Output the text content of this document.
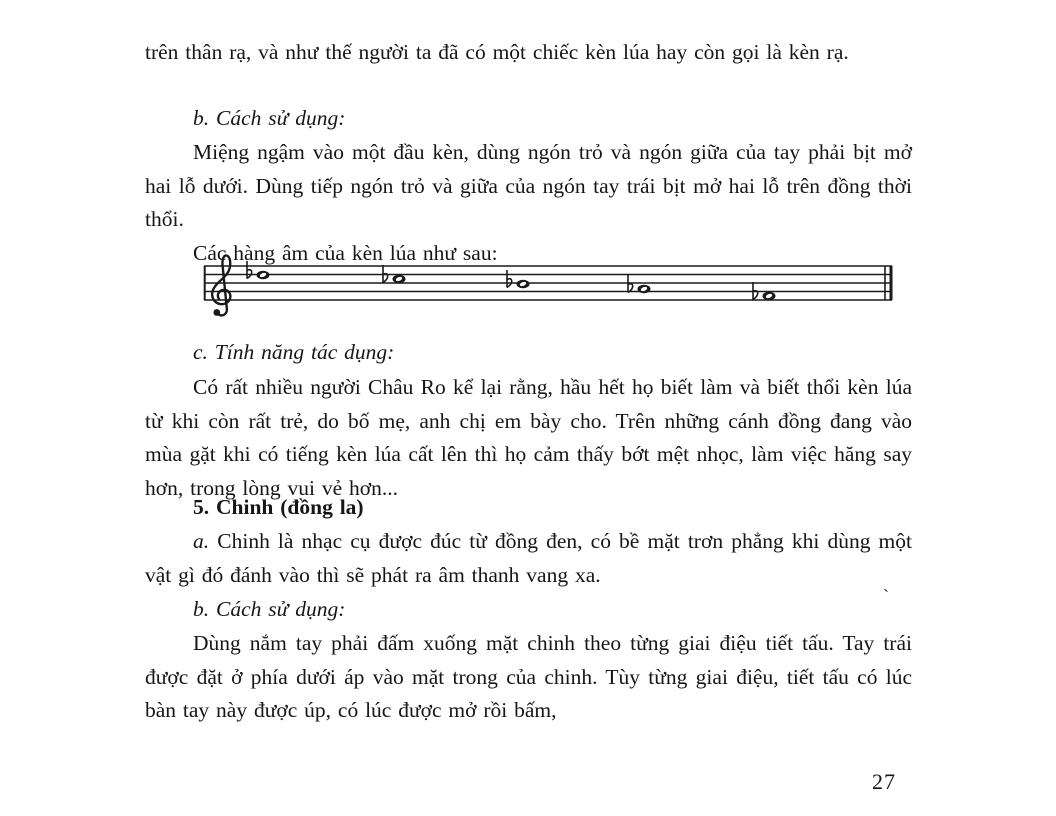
trên thân rạ, và như thế người ta đã có một chiếc kèn lúa hay còn gọi là kèn rạ.

b. Cách sử dụng:

Miệng ngậm vào một đầu kèn, dùng ngón trỏ và ngón giữa của tay phải bịt mở hai lỗ dưới. Dùng tiếp ngón trỏ và giữa của ngón tay trái bịt mở hai lỗ trên đồng thời thổi.

Các hàng âm của kèn lúa như sau:

c. Tính năng tác dụng:

Có rất nhiều người Châu Ro kể lại rằng, hầu hết họ biết làm và biết thổi kèn lúa từ khi còn rất trẻ, do bố mẹ, anh chị em bày cho. Trên những cánh đồng đang vào mùa gặt khi có tiếng kèn lúa cất lên thì họ cảm thấy bớt mệt nhọc, làm việc hăng say hơn, trong lòng vui vẻ hơn...

5. Chinh (đồng la)

a. Chinh là nhạc cụ được đúc từ đồng đen, có bề mặt trơn phẳng khi dùng một vật gì đó đánh vào thì sẽ phát ra âm thanh vang xa.

b. Cách sử dụng:

Dùng nắm tay phải đấm xuống mặt chinh theo từng giai điệu tiết tấu. Tay trái được đặt ở phía dưới áp vào mặt trong của chinh. Tùy từng giai điệu, tiết tấu có lúc bàn tay này được úp, có lúc được mở rồi bấm,

`
27
